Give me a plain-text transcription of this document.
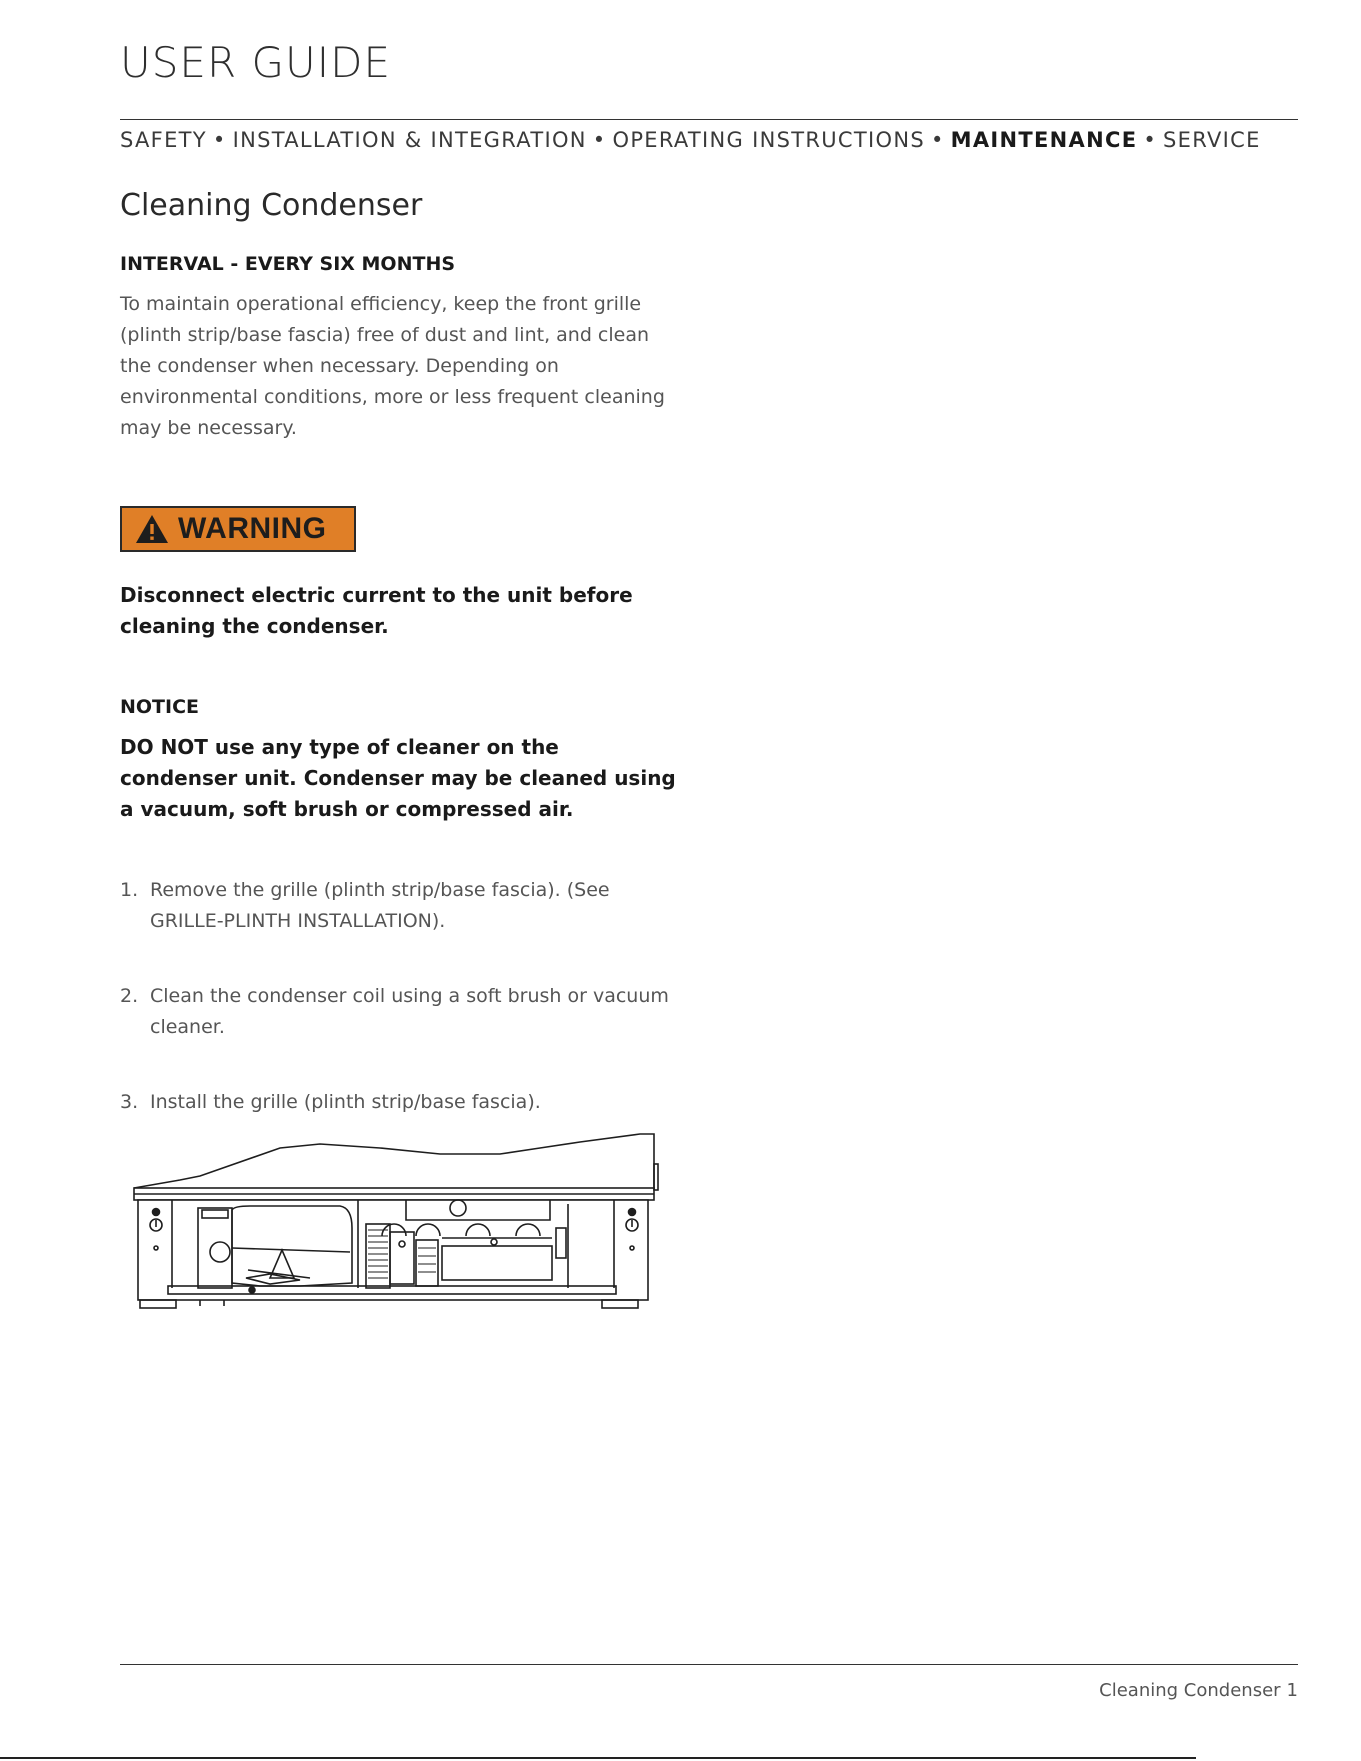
USER GUIDE
SAFETY • INSTALLATION & INTEGRATION • OPERATING INSTRUCTIONS • MAINTENANCE • SERVICE
Cleaning Condenser
INTERVAL - EVERY SIX MONTHS

To maintain operational efficiency, keep the front grille (plinth strip/base fascia) free of dust and lint, and clean the condenser when necessary. Depending on environmental conditions, more or less frequent cleaning may be necessary.

WARNING

Disconnect electric current to the unit before cleaning the condenser.

NOTICE

DO NOT use any type of cleaner on the condenser unit. Condenser may be cleaned using a vacuum, soft brush or compressed air.

1. Remove the grille (plinth strip/base fascia). (See GRILLE-PLINTH INSTALLATION).
2. Clean the condenser coil using a soft brush or vacuum cleaner.
3. Install the grille (plinth strip/base fascia).
Cleaning Condenser 1
